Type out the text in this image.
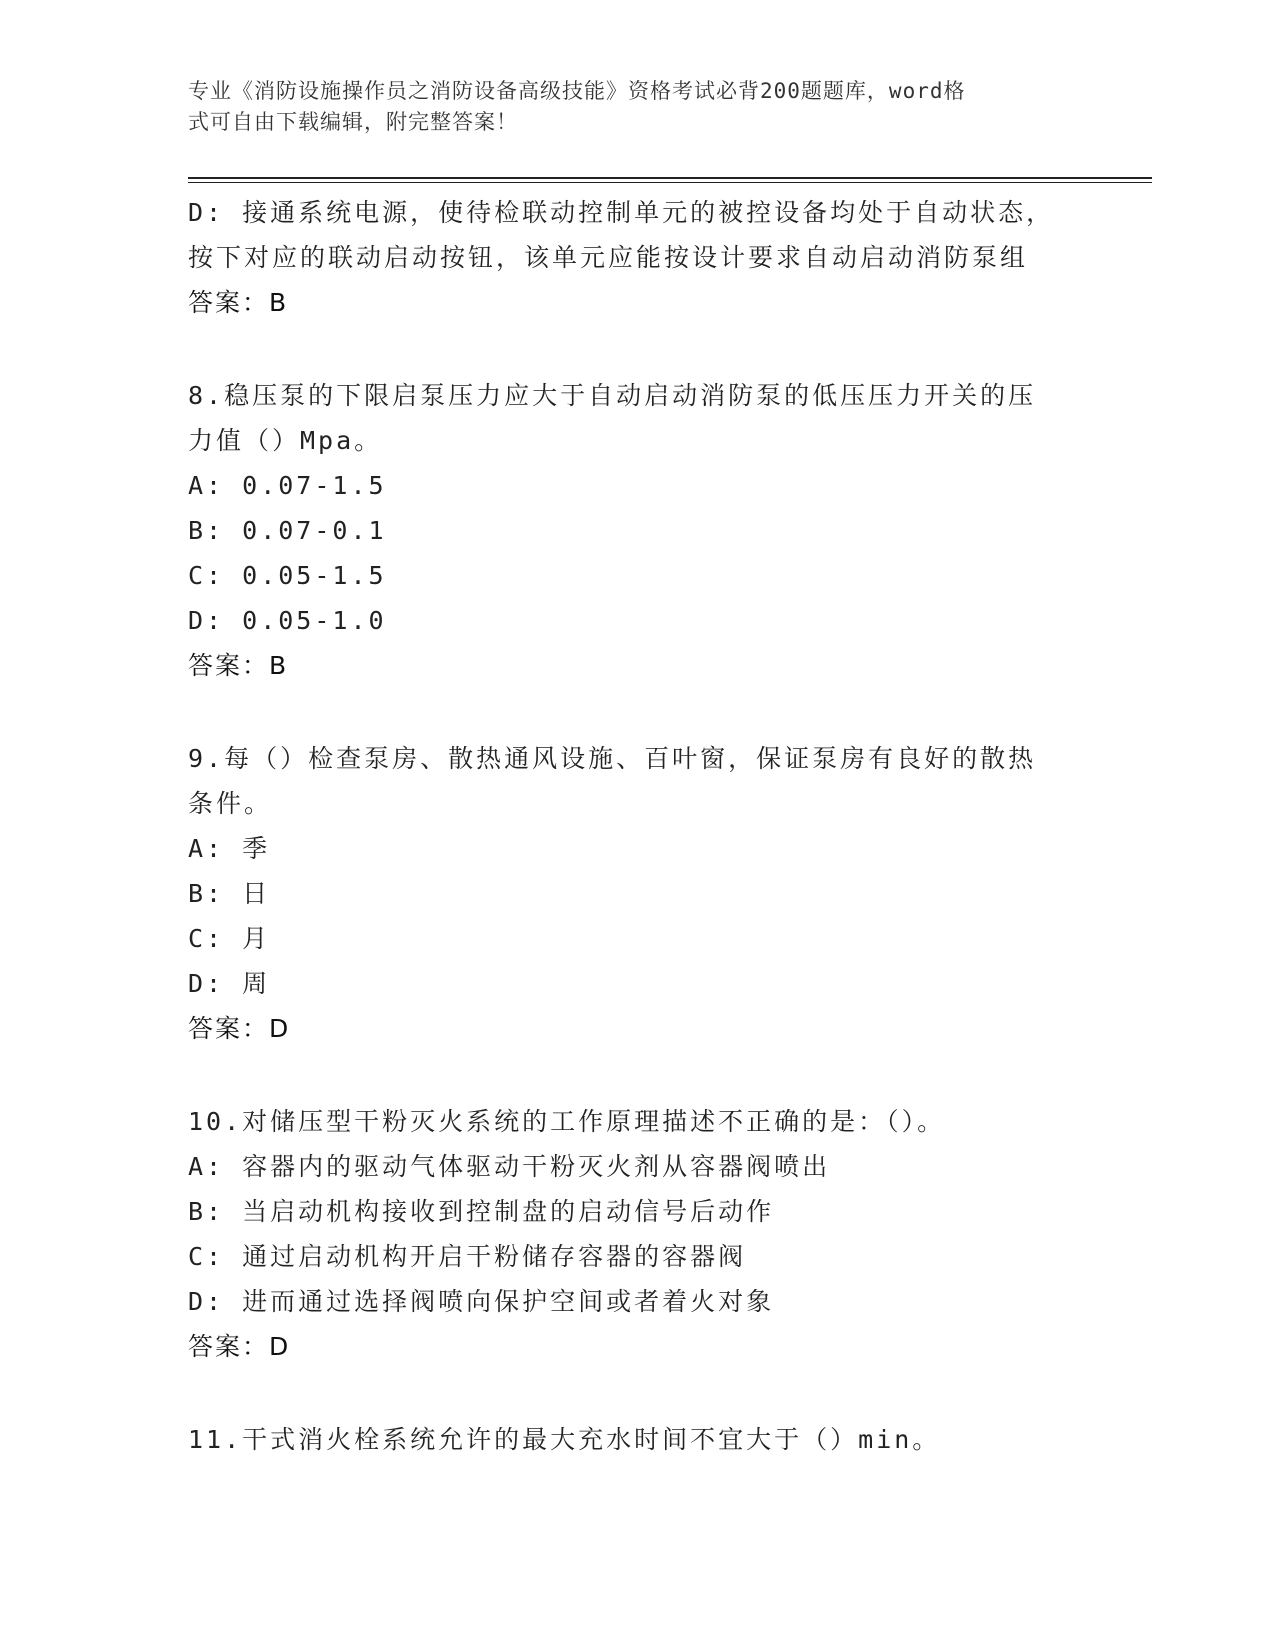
专业《消防设施操作员之消防设备高级技能》资格考试必背200题题库，word格
式可自由下载编辑，附完整答案！
D: 接通系统电源，使待检联动控制单元的被控设备均处于自动状态，
按下对应的联动启动按钮，该单元应能按设计要求自动启动消防泵组
答案：B
8.稳压泵的下限启泵压力应大于自动启动消防泵的低压压力开关的压
力值（）Mpa。
A: 0.07-1.5
B: 0.07-0.1
C: 0.05-1.5
D: 0.05-1.0
答案：B
9.每（）检查泵房、散热通风设施、百叶窗，保证泵房有良好的散热
条件。
A: 季
B: 日
C: 月
D: 周
答案：D
10.对储压型干粉灭火系统的工作原理描述不正确的是：（）。
A: 容器内的驱动气体驱动干粉灭火剂从容器阀喷出
B: 当启动机构接收到控制盘的启动信号后动作
C: 通过启动机构开启干粉储存容器的容器阀
D: 进而通过选择阀喷向保护空间或者着火对象
答案：D
11.干式消火栓系统允许的最大充水时间不宜大于（）min。
